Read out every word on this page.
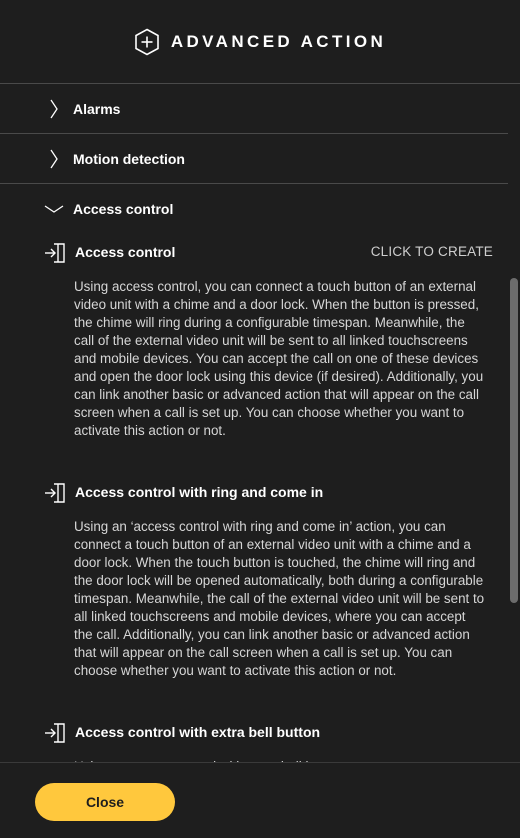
ADVANCED ACTION
Alarms
Motion detection
Access control
Access control	CLICK TO CREATE
Using access control, you can connect a touch button of an external video unit with a chime and a door lock. When the button is pressed, the chime will ring during a configurable timespan. Meanwhile, the call of the external video unit will be sent to all linked touchscreens and mobile devices. You can accept the call on one of these devices and open the door lock using this device (if desired). Additionally, you can link another basic or advanced action that will appear on the call screen when a call is set up. You can choose whether you want to activate this action or not.
Access control with ring and come in
Using an ‘access control with ring and come in’ action, you can connect a touch button of an external video unit with a chime and a door lock. When the touch button is touched, the chime will ring and the door lock will be opened automatically, both during a configurable timespan. Meanwhile, the call of the external video unit will be sent to all linked touchscreens and mobile devices, where you can accept the call. Additionally, you can link another basic or advanced action that will appear on the call screen when a call is set up. You can choose whether you want to activate this action or not.
Access control with extra bell button
Close
